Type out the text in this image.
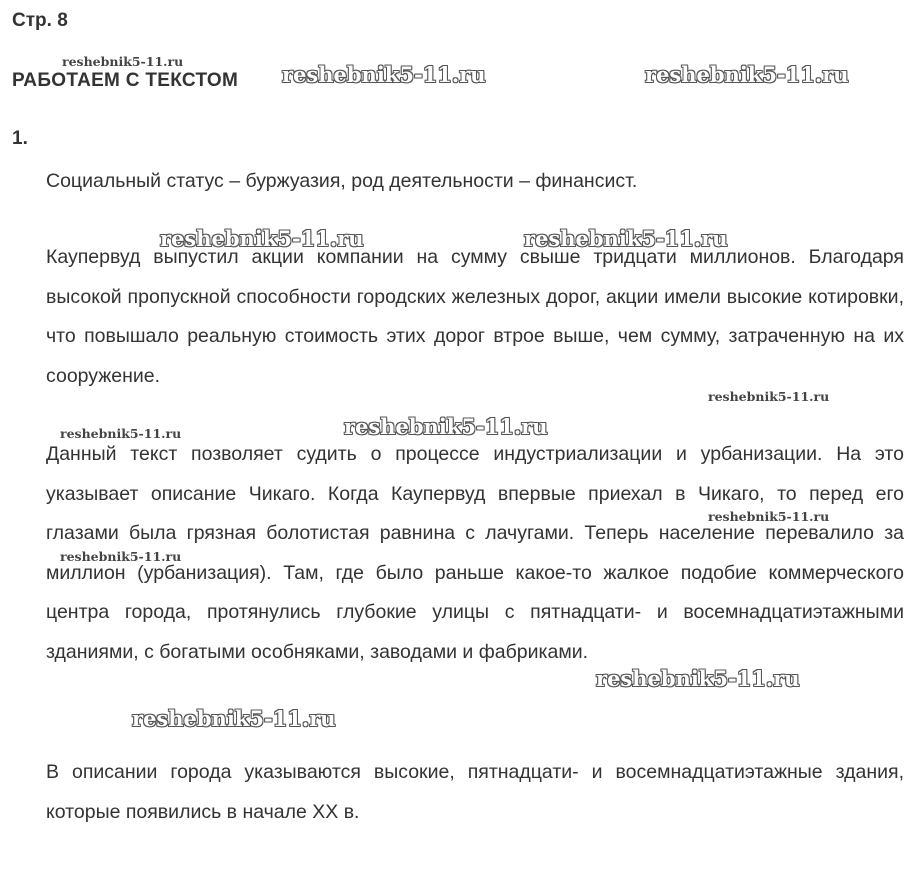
Стр. 8
РАБОТАЕМ С ТЕКСТОМ
1.

Социальный статус – буржуазия, род деятельности – финансист.

Каупервуд выпустил акции компании на сумму свыше тридцати миллионов. Благодаря высокой пропускной способности городских железных дорог, акции имели высокие котировки, что повышало реальную стоимость этих дорог втрое выше, чем сумму, затраченную на их сооружение.

Данный текст позволяет судить о процессе индустриализации и урбанизации. На это указывает описание Чикаго. Когда Каупервуд впервые приехал в Чикаго, то перед его глазами была грязная болотистая равнина с лачугами. Теперь население перевалило за миллион (урбанизация). Там, где было раньше какое-то жалкое подобие коммерческого центра города, протянулись глубокие улицы с пятнадцати- и восемнадцатиэтажными зданиями, с богатыми особняками, заводами и фабриками.

В описании города указываются высокие, пятнадцати- и восемнадцатиэтажные здания, которые появились в начале XX в.

reshebnik5-11.ru
reshebnik5-11.ru	reshebnik5-11.ru
reshebnik5-11.ru	reshebnik5-11.ru
reshebnik5-11.ru
reshebnik5-11.ru	reshebnik5-11.ru
reshebnik5-11.ru
reshebnik5-11.ru
reshebnik5-11.ru
reshebnik5-11.ru
